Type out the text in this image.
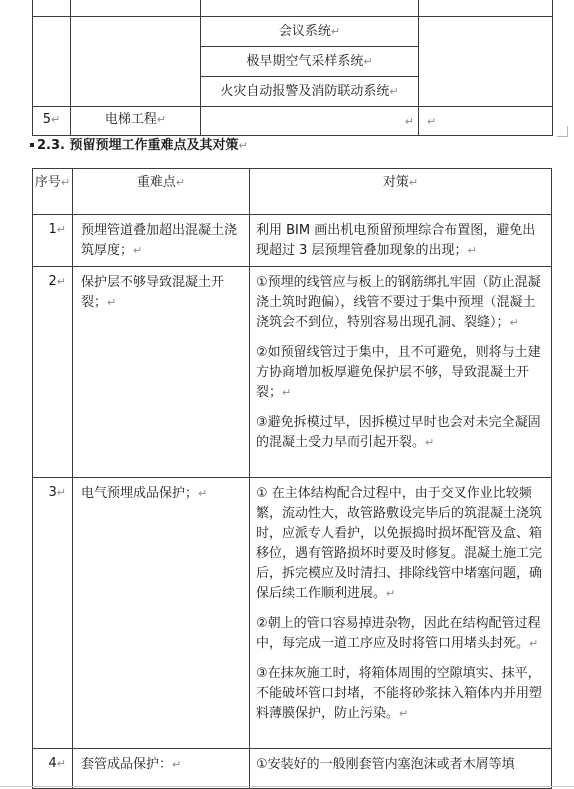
		会议系统↵	
		极早期空气采样系统↵	
		火灾自动报警及消防联动系统↵	
5↵	电梯工程↵	↵	↵
2.3. 预留预埋工作重难点及其对策↵
序号↵	重难点↵	对策↵
1↵	预埋管道叠加超出混凝土浇筑厚度；↵	利用 BIM 画出机电预留预埋综合布置图，避免出现超过 3 层预埋管叠加现象的出现；↵

2↵	保护层不够导致混凝土开裂；↵	①预埋的线管应与板上的钢筋绑扎牢固（防止混凝浇土筑时跑偏），线管不要过于集中预埋（混凝土浇筑会不到位，特别容易出现孔洞、裂缝）；↵
②如预留线管过于集中，且不可避免，则将与土建方协商增加板厚避免保护层不够，导致混凝土开裂；↵
③避免拆模过早，因拆模过早时也会对未完全凝固的混凝土受力早而引起开裂。↵

3↵	电气预埋成品保护；↵	① 在主体结构配合过程中，由于交叉作业比较频繁，流动性大，故管路敷设完毕后的筑混凝土浇筑时，应派专人看护，以免振捣时损坏配管及盒、箱移位，遇有管路损坏时要及时修复。混凝土施工完后，拆完模应及时清扫、排除线管中堵塞问题，确保后续工作顺利进展。↵
②朝上的管口容易掉进杂物，因此在结构配管过程中，每完成一道工序应及时将管口用堵头封死。↵
③在抹灰施工时，将箱体周围的空隙填实、抹平，不能破坏管口封堵，不能将砂浆抹入箱体内并用塑料薄膜保护，防止污染。↵

4↵	套管成品保护：↵	①安装好的一般刚套管内塞泡沫或者木屑等填
